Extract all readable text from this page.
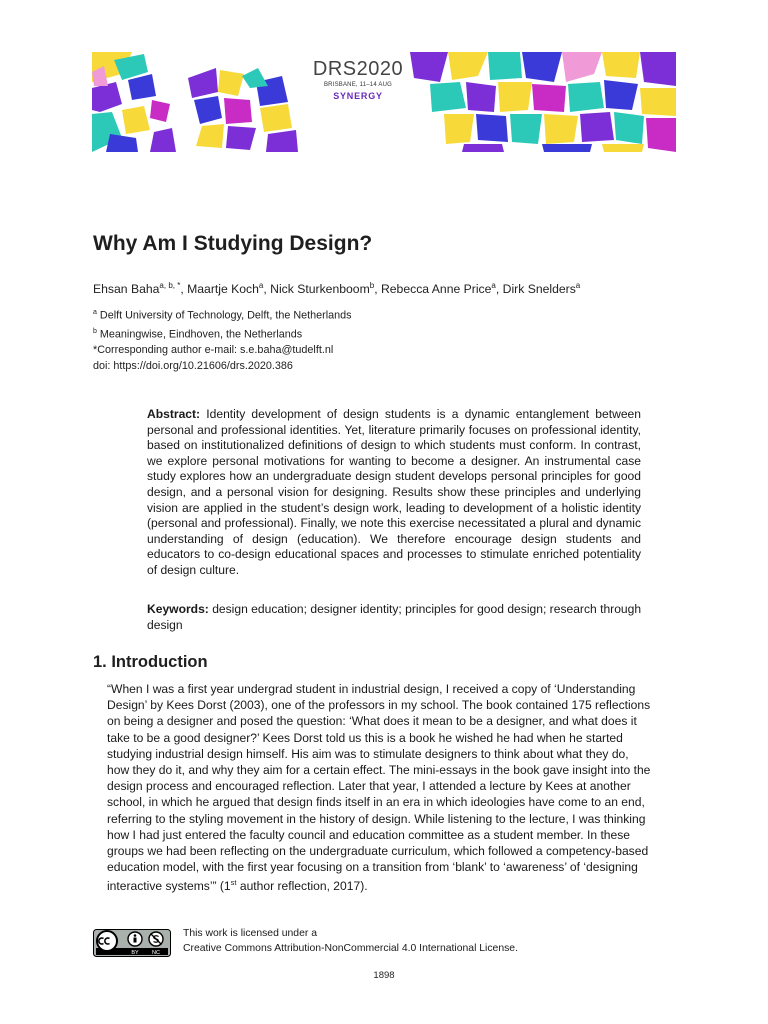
DRS2020
BRISBANE, 11–14 AUG
SYNERGY
Why Am I Studying Design?
Ehsan Baha$^{a, b, *}$, Maartje Koch$^a$, Nick Sturkenboom$^b$, Rebecca Anne Price$^a$, Dirk Snelders$^a$
$^a$ Delft University of Technology, Delft, the Netherlands
$^b$ Meaningwise, Eindhoven, the Netherlands
*Corresponding author e-mail: s.e.baha@tudelft.nl
doi: https://doi.org/10.21606/drs.2020.386
Abstract: Identity development of design students is a dynamic entanglement between personal and professional identities. Yet, literature primarily focuses on professional identity, based on institutionalized definitions of design to which students must conform. In contrast, we explore personal motivations for wanting to become a designer. An instrumental case study explores how an undergraduate design student develops personal principles for good design, and a personal vision for designing. Results show these principles and underlying vision are applied in the student’s design work, leading to development of a holistic identity (personal and professional). Finally, we note this exercise necessitated a plural and dynamic understanding of design (education). We therefore encourage design students and educators to co-design educational spaces and processes to stimulate enriched potentiality of design culture.
Keywords: design education; designer identity; principles for good design; research through design
1. Introduction
“When I was a first year undergrad student in industrial design, I received a copy of ‘Understanding Design’ by Kees Dorst (2003), one of the professors in my school. The book contained 175 reflections on being a designer and posed the question: ‘What does it mean to be a designer, and what does it take to be a good designer?’ Kees Dorst told us this is a book he wished he had when he started studying industrial design himself. His aim was to stimulate designers to think about what they do, how they do it, and why they aim for a certain effect. The mini-essays in the book gave insight into the design process and encouraged reflection. Later that year, I attended a lecture by Kees at another school, in which he argued that design finds itself in an era in which ideologies have come to an end, referring to the styling movement in the history of design. While listening to the lecture, I was thinking how I had just entered the faculty council and education committee as a student member. In these groups we had been reflecting on the undergraduate curriculum, which followed a competency-based education model, with the first year focusing on a transition from ‘blank’ to ‘awareness’ of ‘designing interactive systems’” (1st author reflection, 2017).
BY NC
This work is licensed under a
Creative Commons Attribution-NonCommercial 4.0 International License.
1898
